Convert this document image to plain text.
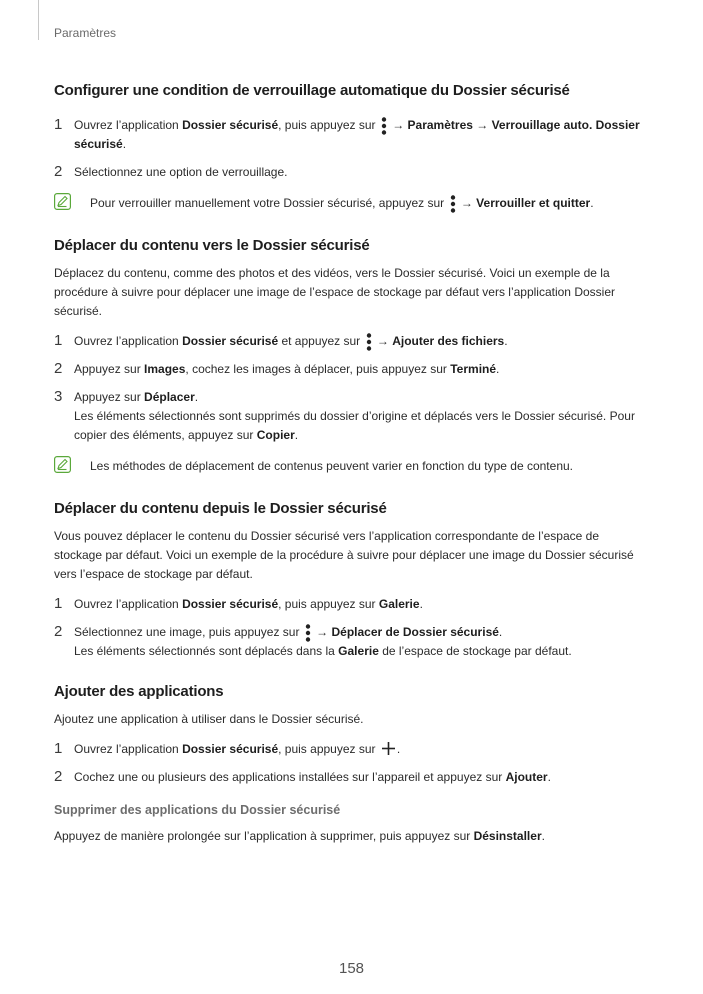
Paramètres
Configurer une condition de verrouillage automatique du Dossier sécurisé
1 Ouvrez l’application Dossier sécurisé, puis appuyez sur  → Paramètres → Verrouillage auto. Dossier sécurisé.
2 Sélectionnez une option de verrouillage.
Pour verrouiller manuellement votre Dossier sécurisé, appuyez sur  → Verrouiller et quitter.
Déplacer du contenu vers le Dossier sécurisé

Déplacez du contenu, comme des photos et des vidéos, vers le Dossier sécurisé. Voici un exemple de la procédure à suivre pour déplacer une image de l’espace de stockage par défaut vers l’application Dossier sécurisé.

1 Ouvrez l’application Dossier sécurisé et appuyez sur  → Ajouter des fichiers.
2 Appuyez sur Images, cochez les images à déplacer, puis appuyez sur Terminé.
3 Appuyez sur Déplacer.
Les éléments sélectionnés sont supprimés du dossier d’origine et déplacés vers le Dossier sécurisé. Pour copier des éléments, appuyez sur Copier.
Les méthodes de déplacement de contenus peuvent varier en fonction du type de contenu.
Déplacer du contenu depuis le Dossier sécurisé

Vous pouvez déplacer le contenu du Dossier sécurisé vers l’application correspondante de l’espace de stockage par défaut. Voici un exemple de la procédure à suivre pour déplacer une image du Dossier sécurisé vers l’espace de stockage par défaut.

1 Ouvrez l’application Dossier sécurisé, puis appuyez sur Galerie.
2 Sélectionnez une image, puis appuyez sur  → Déplacer de Dossier sécurisé.
Les éléments sélectionnés sont déplacés dans la Galerie de l’espace de stockage par défaut.
Ajouter des applications

Ajoutez une application à utiliser dans le Dossier sécurisé.

1 Ouvrez l’application Dossier sécurisé, puis appuyez sur .
2 Cochez une ou plusieurs des applications installées sur l’appareil et appuyez sur Ajouter.
Supprimer des applications du Dossier sécurisé

Appuyez de manière prolongée sur l’application à supprimer, puis appuyez sur Désinstaller.

158
